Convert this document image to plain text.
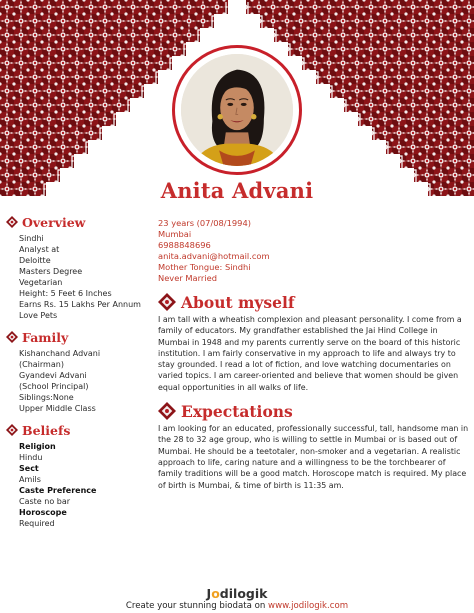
Anita Advani
Overview
Sindhi
Analyst at
Deloitte
Masters Degree
Vegetarian
Height: 5 Feet 6 Inches
Earns Rs. 15 Lakhs Per Annum
Love Pets
Family
Kishanchand Advani
(Chairman)
Gyandevi Advani
(School Principal)
Siblings:None
Upper Middle Class
Beliefs
Religion
Hindu
Sect
Amils
Caste Preference
Caste no bar
Horoscope
Required
23 years (07/08/1994)
Mumbai
6988848696
anita.advani@hotmail.com
Mother Tongue: Sindhi
Never Married
About myself

I am tall with a wheatish complexion and pleasant personality. I come from a family of educators. My grandfather established the Jai Hind College in Mumbai in 1948 and my parents currently serve on the board of this historic institution. I am fairly conservative in my approach to life and always try to stay grounded. I read a lot of fiction, and love watching documentaries on varied topics. I am career-oriented and believe that women should be given equal opportunities in all walks of life.

Expectations

I am looking for an educated, professionally successful, tall, handsome man in the 28 to 32 age group, who is willing to settle in Mumbai or is based out of Mumbai. He should be a teetotaler, non-smoker and a vegetarian. A realistic approach to life, caring nature and a willingness to be the torchbearer of family traditions will be a good match. Horoscope match is required. My place of birth is Mumbai, & time of birth is 11:35 am.

Jodilogik
Create your stunning biodata on www.jodilogik.com
